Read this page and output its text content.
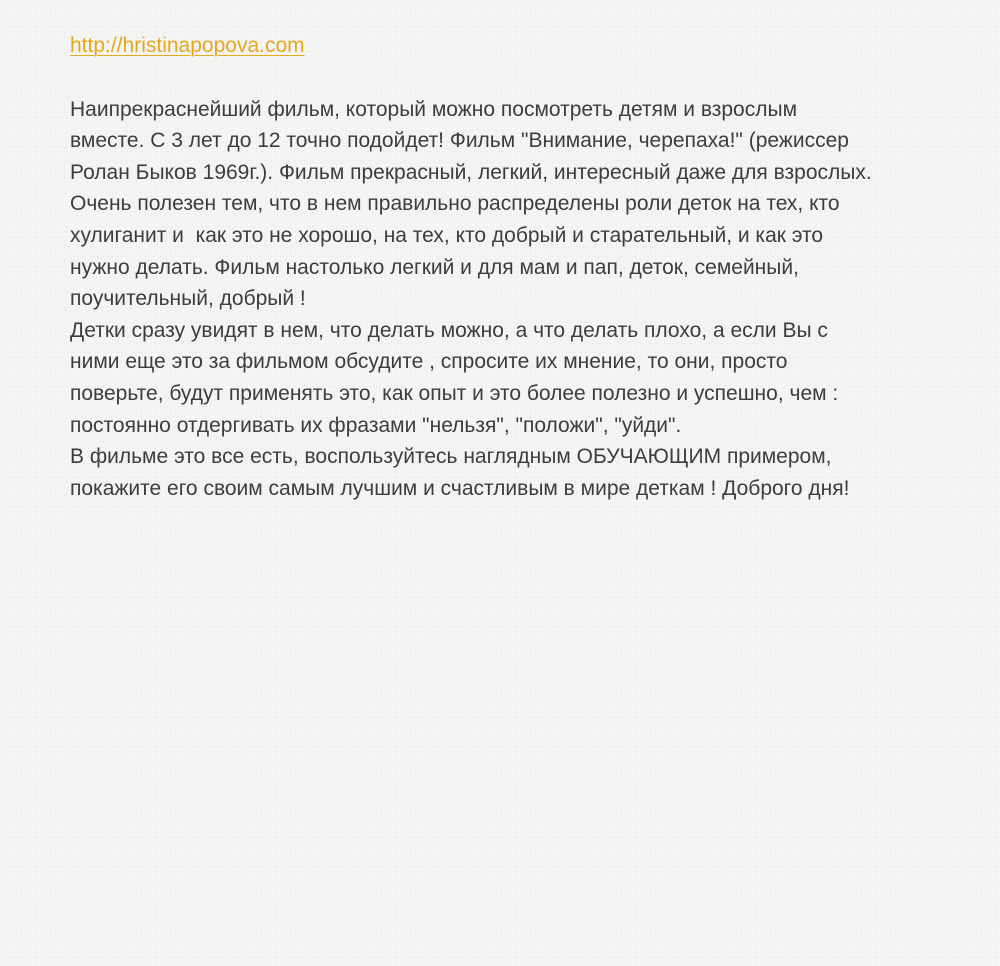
http://hristinapopova.com
Наипрекраснейший фильм, который можно посмотреть детям и взрослым
вместе. С 3 лет до 12 точно подойдет! Фильм "Внимание, черепаха!" (режиссер
Ролан Быков 1969г.). Фильм прекрасный, легкий, интересный даже для взрослых.
Очень полезен тем, что в нем правильно распределены роли деток на тех, кто
хулиганит и  как это не хорошо, на тех, кто добрый и старательный, и как это
нужно делать. Фильм настолько легкий и для мам и пап, деток, семейный,
поучительный, добрый !
Детки сразу увидят в нем, что делать можно, а что делать плохо, а если Вы с
ними еще это за фильмом обсудите , спросите их мнение, то они, просто
поверьте, будут применять это, как опыт и это более полезно и успешно, чем :
постоянно отдергивать их фразами "нельзя", "положи", "уйди".
В фильме это все есть, воспользуйтесь наглядным ОБУЧАЮЩИМ примером,
покажите его своим самым лучшим и счастливым в мире деткам ! Доброго дня!
